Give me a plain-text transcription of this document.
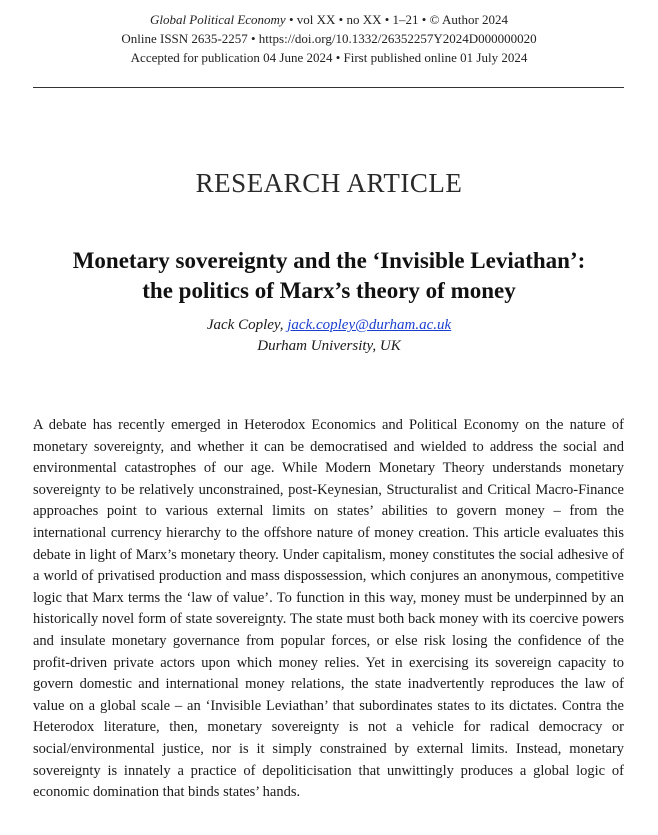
Global Political Economy • vol XX • no XX • 1–21 • © Author 2024
Online ISSN 2635-2257 • https://doi.org/10.1332/26352257Y2024D000000020
Accepted for publication 04 June 2024 • First published online 01 July 2024
RESEARCH ARTICLE
Monetary sovereignty and the ‘Invisible Leviathan’:
the politics of Marx’s theory of money
Jack Copley, jack.copley@durham.ac.uk
Durham University, UK

A debate has recently emerged in Heterodox Economics and Political Economy on the nature of monetary sovereignty, and whether it can be democratised and wielded to address the social and environmental catastrophes of our age. While Modern Monetary Theory understands monetary sovereignty to be relatively unconstrained, post-Keynesian, Structuralist and Critical Macro-Finance approaches point to various external limits on states’ abilities to govern money – from the international currency hierarchy to the offshore nature of money creation. This article evaluates this debate in light of Marx’s monetary theory. Under capitalism, money constitutes the social adhesive of a world of privatised production and mass dispossession, which conjures an anonymous, competitive logic that Marx terms the ‘law of value’. To function in this way, money must be underpinned by an historically novel form of state sovereignty. The state must both back money with its coercive powers and insulate monetary governance from popular forces, or else risk losing the confidence of the profit-driven private actors upon which money relies. Yet in exercising its sovereign capacity to govern domestic and international money relations, the state inadvertently reproduces the law of value on a global scale – an ‘Invisible Leviathan’ that subordinates states to its dictates. Contra the Heterodox literature, then, monetary sovereignty is not a vehicle for radical democracy or social/environmental justice, nor is it simply constrained by external limits. Instead, monetary sovereignty is innately a practice of depoliticisation that unwittingly produces a global logic of economic domination that binds states’ hands.
